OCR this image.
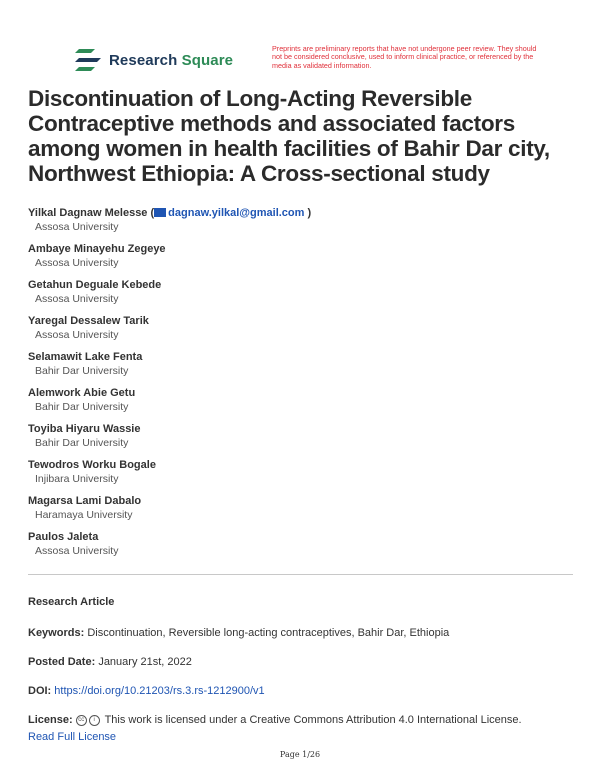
Research Square
Preprints are preliminary reports that have not undergone peer review. They should not be considered conclusive, used to inform clinical practice, or referenced by the media as validated information.
Discontinuation of Long-Acting Reversible Contraceptive methods and associated factors among women in health facilities of Bahir Dar city, Northwest Ethiopia: A Cross-sectional study
Yilkal Dagnaw Melesse ( dagnaw.yilkal@gmail.com )
Assosa University
Ambaye Minayehu Zegeye
Assosa University
Getahun Deguale Kebede
Assosa University
Yaregal Dessalew Tarik
Assosa University
Selamawit Lake Fenta
Bahir Dar University
Alemwork Abie Getu
Bahir Dar University
Toyiba Hiyaru Wassie
Bahir Dar University
Tewodros Worku Bogale
Injibara University
Magarsa Lami Dabalo
Haramaya University
Paulos Jaleta
Assosa University
Research Article
Keywords: Discontinuation, Reversible long-acting contraceptives, Bahir Dar, Ethiopia
Posted Date: January 21st, 2022
DOI: https://doi.org/10.21203/rs.3.rs-1212900/v1
License: cc i This work is licensed under a Creative Commons Attribution 4.0 International License.
Read Full License
Page 1/26
